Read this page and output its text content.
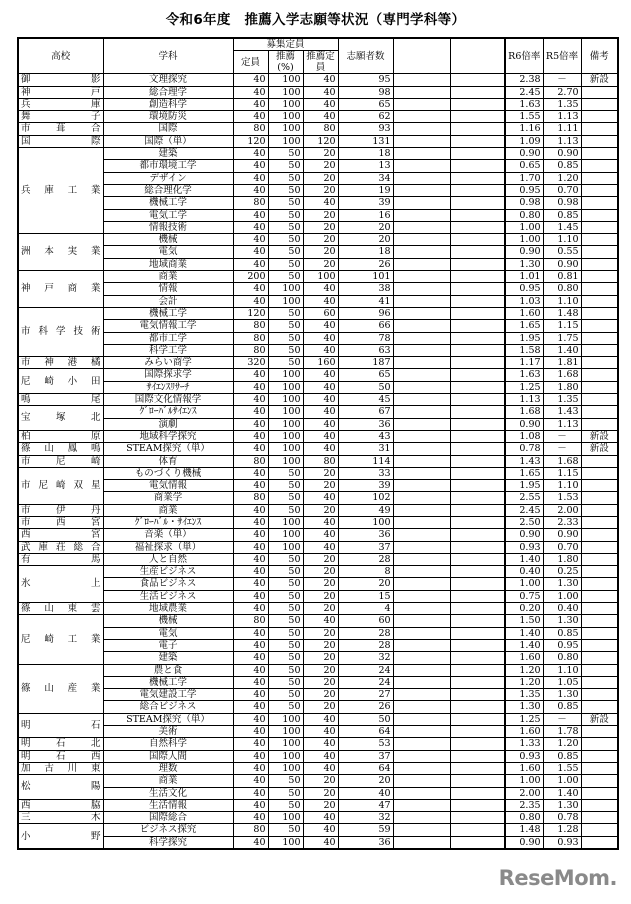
令和6年度　推薦入学志願等状況（専門学科等）
高校	学科	募集定員			志願者数			R6倍率	R5倍率	備考
		定員	推薦(%)	推薦定員						
御影	文理探究	40	100	40	95			2.38	－	新設
神戸	総合理学	40	100	40	98			2.45	2.70	
兵庫	創造科学	40	100	40	65			1.63	1.35	
舞子	環境防災	40	100	40	62			1.55	1.13	
市葺合	国際	80	100	80	93			1.16	1.11	
国際	国際（単）	120	100	120	131			1.09	1.13	
兵庫工業	建築	40	50	20	18			0.90	0.90	
	都市環境工学	40	50	20	13			0.65	0.85	
	デザイン	40	50	20	34			1.70	1.20	
	総合理化学	40	50	20	19			0.95	0.70	
	機械工学	80	50	40	39			0.98	0.98	
	電気工学	40	50	20	16			0.80	0.85	
	情報技術	40	50	20	20			1.00	1.45	
洲本実業	機械	40	50	20	20			1.00	1.10	
	電気	40	50	20	18			0.90	0.55	
	地域商業	40	50	20	26			1.30	0.90	
神戸商業	商業	200	50	100	101			1.01	0.81	
	情報	40	100	40	38			0.95	0.80	
	会計	40	100	40	41			1.03	1.10	
市科学技術	機械工学	120	50	60	96			1.60	1.48	
	電気情報工学	80	50	40	66			1.65	1.15	
	都市工学	80	50	40	78			1.95	1.75	
	科学工学	80	50	40	63			1.58	1.40	
市神港橘	みらい商学	320	50	160	187			1.17	1.81	
尼崎小田	国際探求学	40	100	40	65			1.63	1.68	
	ｻｲｴﾝｽﾘｻｰﾁ	40	100	40	50			1.25	1.80	
鳴尾	国際文化情報学	40	100	40	45			1.13	1.35	
宝塚北	ｸﾞﾛｰﾊﾞﾙｻｲｴﾝｽ	40	100	40	67			1.68	1.43	
	演劇	40	100	40	36			0.90	1.13	
柏原	地域科学探究	40	100	40	43			1.08	－	新設
篠山鳳鳴	STEAM探究（単）	40	100	40	31			0.78	－	新設
市尼崎	体育	80	100	80	114			1.43	1.68	
市尼崎双星	ものづくり機械	40	50	20	33			1.65	1.15	
	電気情報	40	50	20	39			1.95	1.10	
	商業学	80	50	40	102			2.55	1.53	
市伊丹	商業	40	50	20	49			2.45	2.00	
市西宮	ｸﾞﾛｰﾊﾞﾙ・ｻｲｴﾝｽ	40	100	40	100			2.50	2.33	
西宮	音楽（単）	40	100	40	36			0.90	0.90	
武庫荘総合	福祉探求（単）	40	100	40	37			0.93	0.70	
有馬	人と自然	40	50	20	28			1.40	1.80	
氷上	生産ビジネス	40	50	20	8			0.40	0.25	
	食品ビジネス	40	50	20	20			1.00	1.30	
	生活ビジネス	40	50	20	15			0.75	1.00	
篠山東雲	地域農業	40	50	20	4			0.20	0.40	
尼崎工業	機械	80	50	40	60			1.50	1.30	
	電気	40	50	20	28			1.40	0.85	
	電子	40	50	20	28			1.40	0.95	
	建築	40	50	20	32			1.60	0.80	
篠山産業	農と食	40	50	20	24			1.20	1.10	
	機械工学	40	50	20	24			1.20	1.05	
	電気建設工学	40	50	20	27			1.35	1.30	
	総合ビジネス	40	50	20	26			1.30	0.85	
明石	STEAM探究（単）	40	100	40	50			1.25	－	新設
	美術	40	100	40	64			1.60	1.78	
明石北	自然科学	40	100	40	53			1.33	1.20	
明石西	国際人間	40	100	40	37			0.93	0.85	
加古川東	理数	40	100	40	64			1.60	1.55	
松陽	商業	40	50	20	20			1.00	1.00	
	生活文化	40	50	20	40			2.00	1.40	
西脇	生活情報	40	50	20	47			2.35	1.30	
三木	国際総合	40	100	40	32			0.80	0.78	
小野	ビジネス探究	80	50	40	59			1.48	1.28	
	科学探究	40	100	40	36			0.90	0.93	
ReseMom.
